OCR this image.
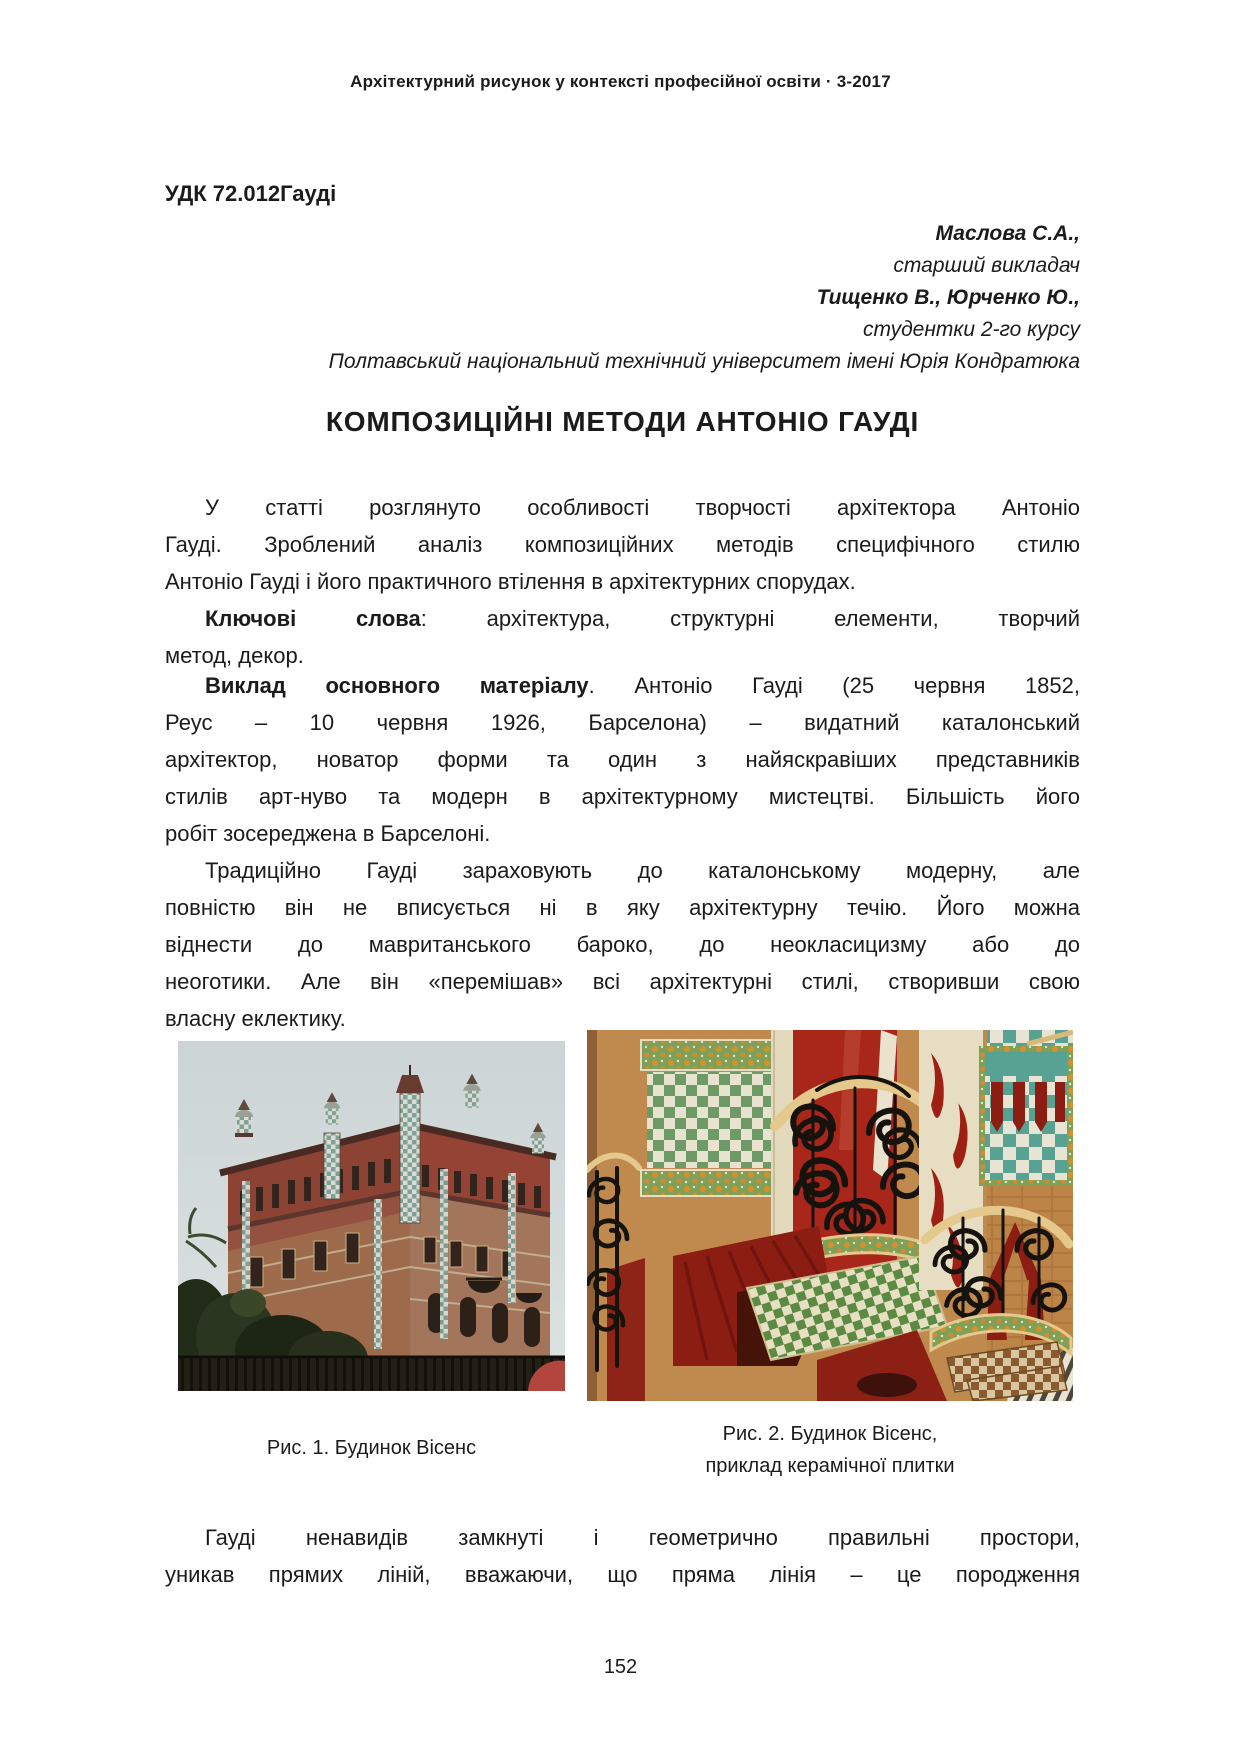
Архітектурний рисунок у контексті професійної освіти · 3-2017
УДК 72.012Гауді
Маслова С.А.,
старший викладач
Тищенко В., Юрченко Ю.,
студентки 2-го курсу
Полтавський національний технічний університет імені Юрія Кондратюка
КОМПОЗИЦІЙНІ МЕТОДИ АНТОНІО ГАУДІ
У статті розглянуто особливості творчості архітектора Антоніо
Гауді. Зроблений аналіз композиційних методів специфічного стилю
Антоніо Гауді і його практичного втілення в архітектурних спорудах.
Ключові слова: архітектура, структурні елементи, творчий
метод, декор.
Виклад основного матеріалу. Антоніо Гауді (25 червня 1852,
Реус – 10 червня 1926, Барселона) – видатний каталонський
архітектор, новатор форми та один з найяскравіших представників
стилів арт-нуво та модерн в архітектурному мистецтві. Більшість його
робіт зосереджена в Барселоні.
Традиційно Гауді зараховують до каталонському модерну, але
повністю він не вписується ні в яку архітектурну течію. Його можна
віднести до мавританського бароко, до неокласицизму або до
неоготики. Але він «перемішав» всі архітектурні стилі, створивши свою
власну еклектику.
Рис. 1. Будинок Вісенс
Рис. 2. Будинок Вісенс,
приклад керамічної плитки
Гауді ненавидів замкнуті і геометрично правильні простори,
уникав прямих ліній, вважаючи, що пряма лінія – це породження
152
